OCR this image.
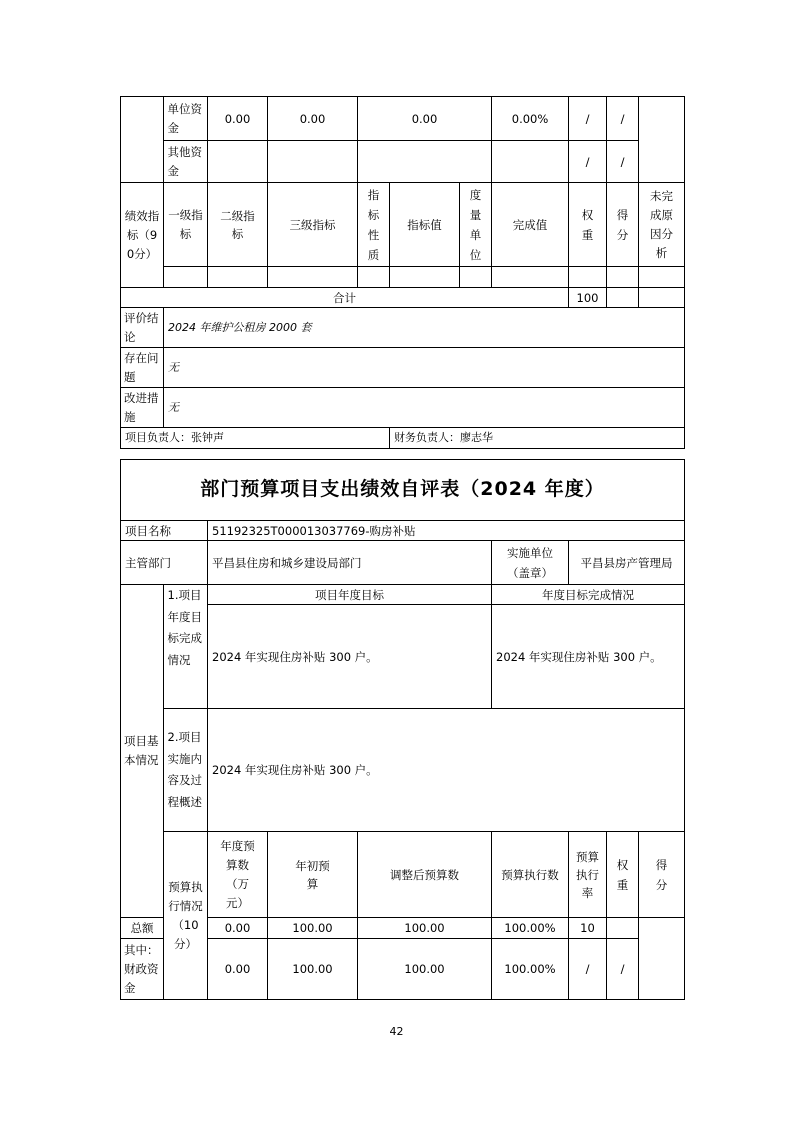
	单位资金	0.00	0.00	0.00			0.00%	/	/	
	其他资金							/	/	
绩效指标（90分）	一级指标	二级指标	三级指标	指标性质	指标值	度量单位	完成值	权重	得分	未完成原因分析

合计								100		
评价结论	2024 年维护公租房 2000 套									
存在问题	无									
改进措施	无									
项目负责人：张钟声					财务负责人：廖志华					
部门预算项目支出绩效自评表（2024 年度）									
项目名称		51192325T000013037769-购房补贴							
主管部门		平昌县住房和城乡建设局部门			实施单位（盖章）	平昌县房产管理局			
项目基本情况	1.项目年度目标完成情况	项目年度目标			年度目标完成情况				
		2024 年实现住房补贴 300 户。			2024 年实现住房补贴 300 户。				
	2.项目实施内容及过程概述	2024 年实现住房补贴 300 户。							
	预算执行情况（10分）	年度预算数（万元）	年初预算	调整后预算数	预算执行数	预算执行率	权重	得分	
总额		0.00	100.00	100.00	100.00%	10			
其中：财政资金		0.00	100.00	100.00	100.00%	/	/		
42
